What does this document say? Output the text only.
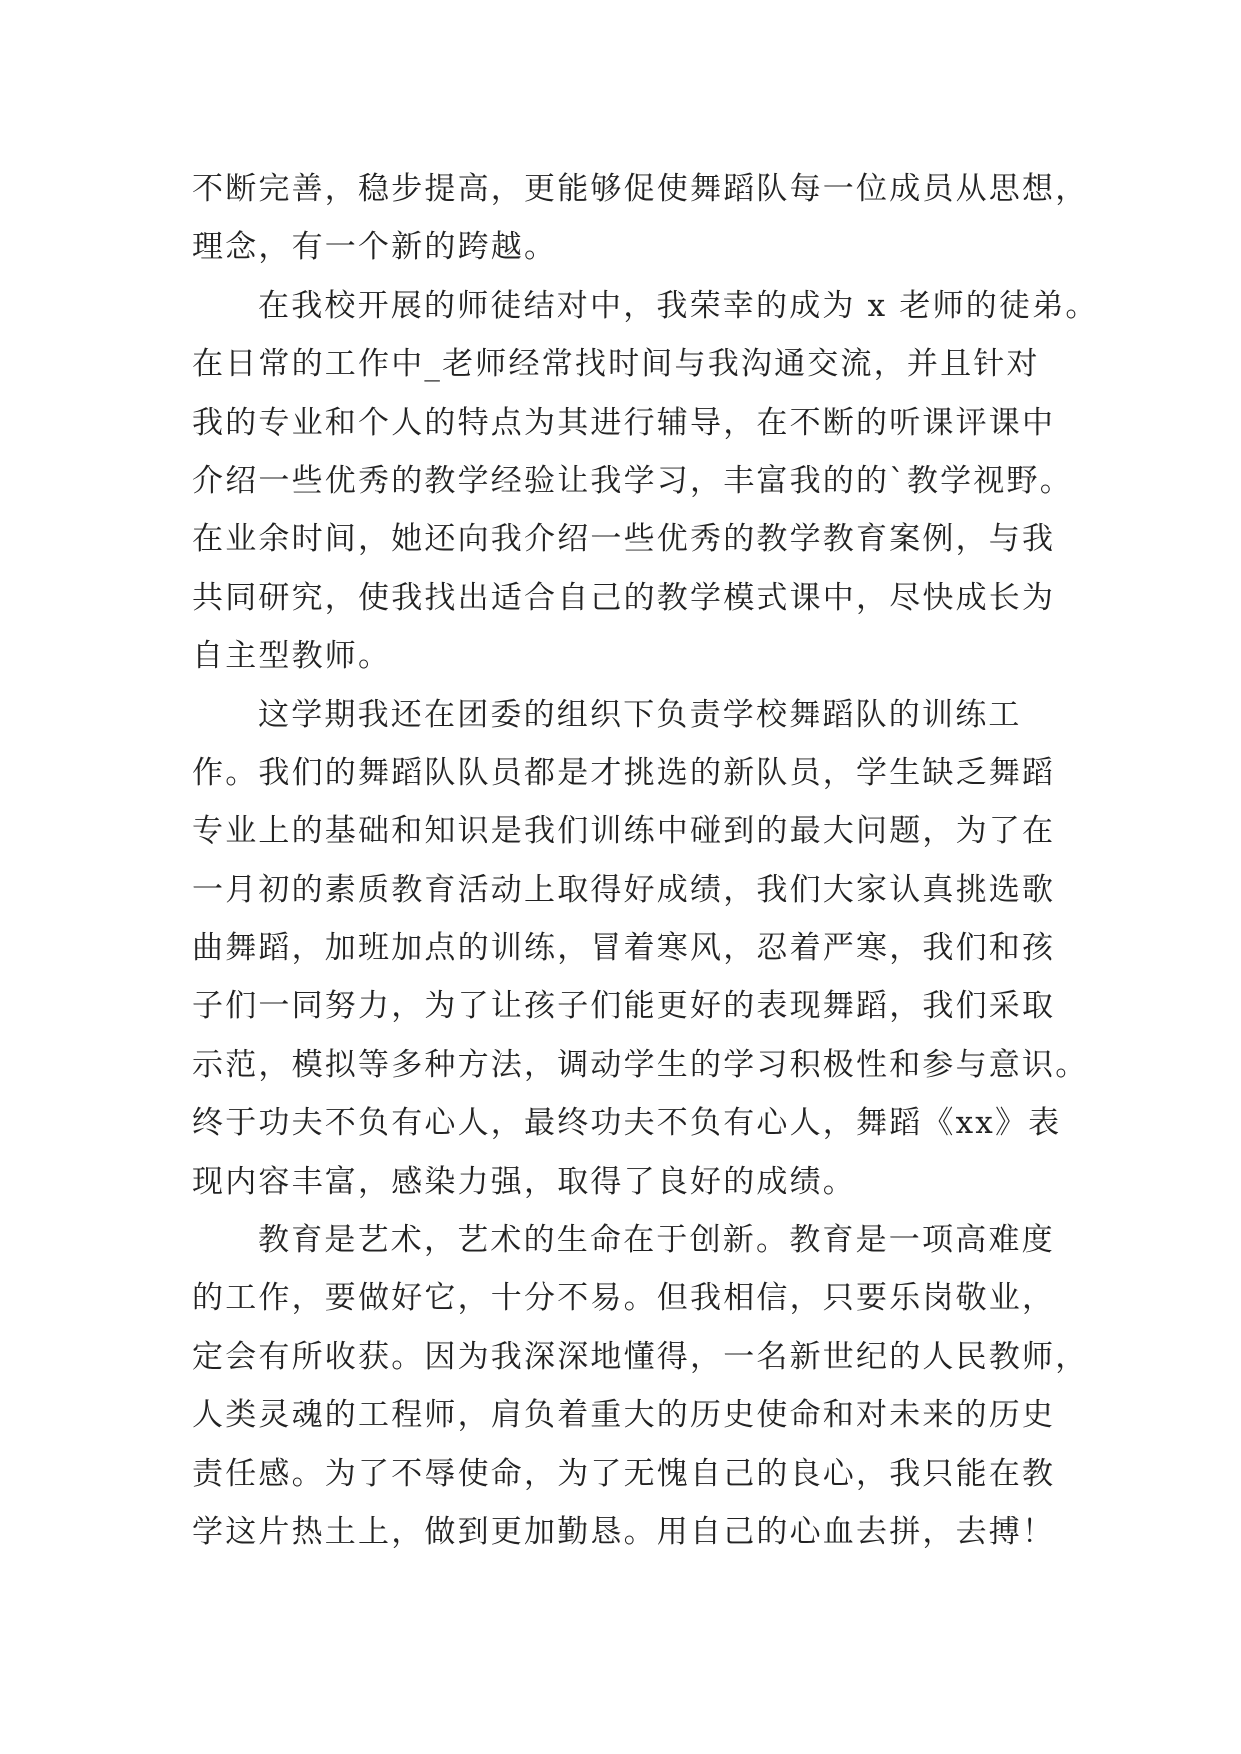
不断完善，稳步提高，更能够促使舞蹈队每一位成员从思想，
理念，有一个新的跨越。
在我校开展的师徒结对中，我荣幸的成为 x 老师的徒弟。
在日常的工作中_老师经常找时间与我沟通交流，并且针对
我的专业和个人的特点为其进行辅导，在不断的听课评课中
介绍一些优秀的教学经验让我学习，丰富我的的`教学视野。
在业余时间，她还向我介绍一些优秀的教学教育案例，与我
共同研究，使我找出适合自己的教学模式课中，尽快成长为
自主型教师。
这学期我还在团委的组织下负责学校舞蹈队的训练工
作。我们的舞蹈队队员都是才挑选的新队员，学生缺乏舞蹈
专业上的基础和知识是我们训练中碰到的最大问题，为了在
一月初的素质教育活动上取得好成绩，我们大家认真挑选歌
曲舞蹈，加班加点的训练，冒着寒风，忍着严寒，我们和孩
子们一同努力，为了让孩子们能更好的表现舞蹈，我们采取
示范，模拟等多种方法，调动学生的学习积极性和参与意识。
终于功夫不负有心人，最终功夫不负有心人，舞蹈《xx》表
现内容丰富，感染力强，取得了良好的成绩。
教育是艺术，艺术的生命在于创新。教育是一项高难度
的工作，要做好它，十分不易。但我相信，只要乐岗敬业，
定会有所收获。因为我深深地懂得，一名新世纪的人民教师，
人类灵魂的工程师，肩负着重大的历史使命和对未来的历史
责任感。为了不辱使命，为了无愧自己的良心，我只能在教
学这片热土上，做到更加勤恳。用自己的心血去拼，去搏！
